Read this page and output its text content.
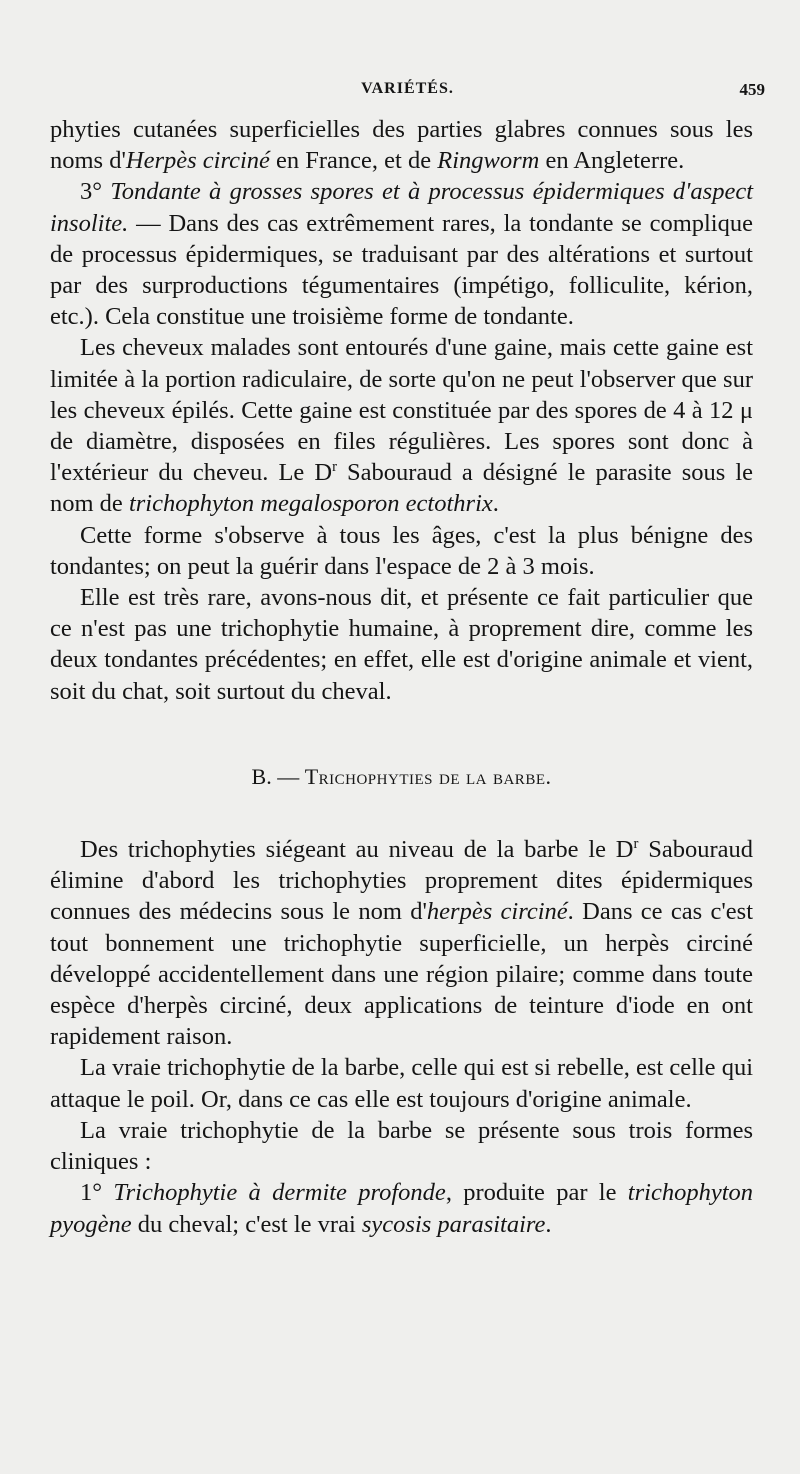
VARIÉTÉS.	459

phyties cutanées superficielles des parties glabres connues sous les noms d'Herpès circiné en France, et de Ringworm en Angleterre.

3° Tondante à grosses spores et à processus épidermiques d'aspect insolite. — Dans des cas extrêmement rares, la tondante se complique de processus épidermiques, se traduisant par des altérations et surtout par des surproductions tégumentaires (impétigo, folliculite, kérion, etc.). Cela constitue une troisième forme de tondante.

Les cheveux malades sont entourés d'une gaine, mais cette gaine est limitée à la portion radiculaire, de sorte qu'on ne peut l'observer que sur les cheveux épilés. Cette gaine est constituée par des spores de 4 à 12 μ de diamètre, disposées en files régulières. Les spores sont donc à l'extérieur du cheveu. Le $D^r$ Sabouraud a désigné le parasite sous le nom de trichophyton megalosporon ectothrix.

Cette forme s'observe à tous les âges, c'est la plus bénigne des tondantes; on peut la guérir dans l'espace de 2 à 3 mois.

Elle est très rare, avons-nous dit, et présente ce fait particulier que ce n'est pas une trichophytie humaine, à proprement dire, comme les deux tondantes précédentes; en effet, elle est d'origine animale et vient, soit du chat, soit surtout du cheval.

B. — Trichophyties de la barbe.

Des trichophyties siégeant au niveau de la barbe le $D^r$ Sabouraud élimine d'abord les trichophyties proprement dites épidermiques connues des médecins sous le nom d'herpès circiné. Dans ce cas c'est tout bonnement une trichophytie superficielle, un herpès circiné développé accidentellement dans une région pilaire; comme dans toute espèce d'herpès circiné, deux applications de teinture d'iode en ont rapidement raison.

La vraie trichophytie de la barbe, celle qui est si rebelle, est celle qui attaque le poil. Or, dans ce cas elle est toujours d'origine animale.

La vraie trichophytie de la barbe se présente sous trois formes cliniques :

1° Trichophytie à dermite profonde, produite par le trichophyton pyogène du cheval; c'est le vrai sycosis parasitaire.
